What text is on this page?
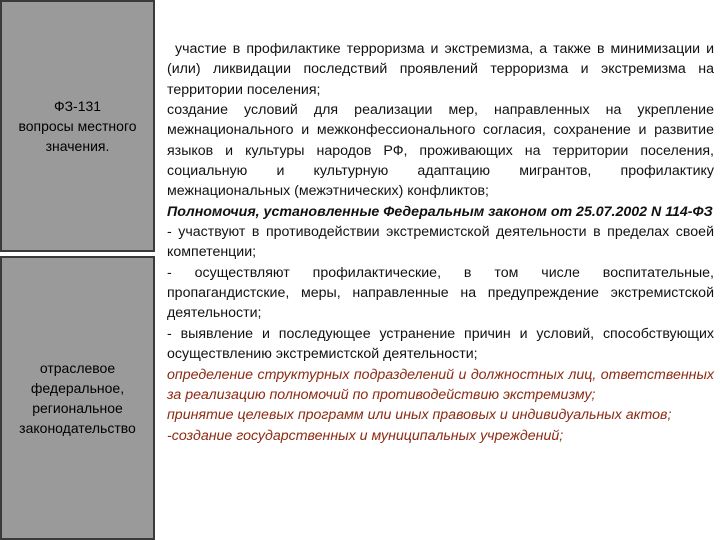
ФЗ-131
вопросы местного
значения.
отраслевое
федеральное,
региональное
законодательство

участие в профилактике терроризма и экстремизма, а также в минимизации и (или) ликвидации последствий проявлений терроризма и экстремизма на территории поселения;

создание условий для реализации мер, направленных на укрепление межнационального и межконфессионального согласия, сохранение и развитие языков и культуры народов РФ, проживающих на территории поселения, социальную и культурную адаптацию мигрантов, профилактику межнациональных (межэтнических) конфликтов;

Полномочия, установленные Федеральным законом от 25.07.2002 N 114-ФЗ

- участвуют в противодействии экстремистской деятельности в пределах своей компетенции;

- осуществляют профилактические, в том числе воспитательные, пропагандистские, меры, направленные на предупреждение экстремистской деятельности;

- выявление и последующее устранение причин и условий, способствующих осуществлению экстремистской деятельности;

определение структурных подразделений и должностных лиц, ответственных за реализацию полномочий по противодействию экстремизму;

принятие целевых программ или иных правовых и индивидуальных актов;

-создание государственных и муниципальных учреждений;
